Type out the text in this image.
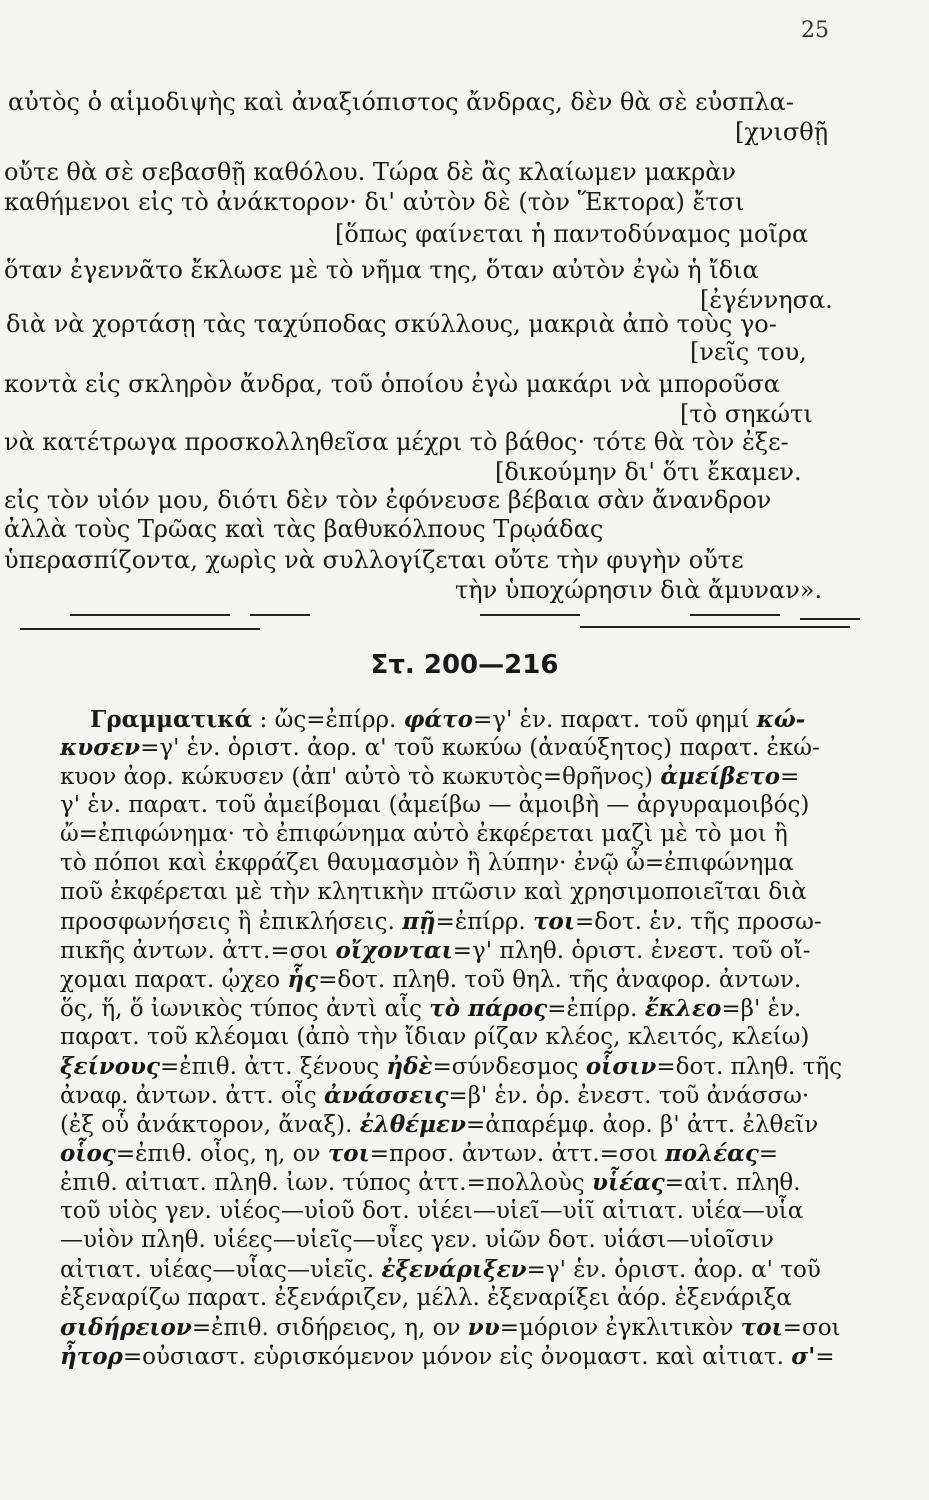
25
αὐτὸς ὁ αἱμοδιψὴς καὶ ἀναξιόπιστος ἄνδρας, δὲν θὰ σὲ εὐσπλα-
[χνισθῇ
οὔτε θὰ σὲ σεβασθῇ καθόλου. Τώρα δὲ ἂς κλαίωμεν μακρὰν
καθήμενοι εἰς τὸ ἀνάκτορον· δι' αὐτὸν δὲ (τὸν Ἕκτορα) ἔτσι
[ὅπως φαίνεται ἡ παντοδύναμος μοῖρα
ὅταν ἐγεννᾶτο ἔκλωσε μὲ τὸ νῆμα της, ὅταν αὐτὸν ἐγὼ ἡ ἴδια
[ἐγέννησα.
διὰ νὰ χορτάσῃ τὰς ταχύποδας σκύλλους, μακριὰ ἀπὸ τοὺς γο-
[νεῖς του,
κοντὰ εἰς σκληρὸν ἄνδρα, τοῦ ὁποίου ἐγὼ μακάρι νὰ μποροῦσα
[τὸ σηκώτι
νὰ κατέτρωγα προσκολληθεῖσα μέχρι τὸ βάθος· τότε θὰ τὸν ἐξε-
[δικούμην δι' ὅτι ἔκαμεν.
εἰς τὸν υἱόν μου, διότι δὲν τὸν ἐφόνευσε βέβαια σὰν ἄνανδρον
ἀλλὰ τοὺς Τρῶας καὶ τὰς βαθυκόλπους Τρῳάδας
ὑπερασπίζοντα, χωρὶς νὰ συλλογίζεται οὔτε τὴν φυγὴν οὔτε
τὴν ὑποχώρησιν διὰ ἄμυναν».
Στ. 200—216
Γραμματικά : ὤς=ἐπίρρ. φάτο=γ' ἑν. παρατ. τοῦ φημί κώ-
κυσεν=γ' ἑν. ὁριστ. ἀορ. α' τοῦ κωκύω (ἀναύξητος) παρατ. ἐκώ-
κυον ἀορ. κώκυσεν (ἀπ' αὐτὸ τὸ κωκυτὸς=θρῆνος) ἀμείβετο=
γ' ἑν. παρατ. τοῦ ἀμείβομαι (ἀμείβω — ἀμοιβὴ — ἀργυραμοιβός)
ὤ=ἐπιφώνημα· τὸ ἐπιφώνημα αὐτὸ ἐκφέρεται μαζὶ μὲ τὸ μοι ἢ
τὸ πόποι καὶ ἐκφράζει θαυμασμὸν ἢ λύπην· ἐνῷ ὦ=ἐπιφώνημα
ποῦ ἐκφέρεται μὲ τὴν κλητικὴν πτῶσιν καὶ χρησιμοποιεῖται διὰ
προσφωνήσεις ἢ ἐπικλήσεις. πῇ=ἐπίρρ. τοι=δοτ. ἑν. τῆς προσω-
πικῆς ἀντων. ἀττ.=σοι οἴχονται=γ' πληθ. ὁριστ. ἐνεστ. τοῦ οἴ-
χομαι παρατ. ᾠχεο ἧς=δοτ. πληθ. τοῦ θηλ. τῆς ἀναφορ. ἀντων.
ὅς, ἥ, ὅ ἰωνικὸς τύπος ἀντὶ αἷς τὸ πάρος=ἐπίρρ. ἔκλεο=β' ἑν.
παρατ. τοῦ κλέομαι (ἀπὸ τὴν ἴδιαν ρίζαν κλέος, κλειτός, κλείω)
ξείνους=ἐπιθ. ἀττ. ξένους ἠδὲ=σύνδεσμος οἷσιν=δοτ. πληθ. τῆς
ἀναφ. ἀντων. ἀττ. οἷς ἀνάσσεις=β' ἑν. ὁρ. ἐνεστ. τοῦ ἀνάσσω·
(ἐξ οὗ ἀνάκτορον, ἄναξ). ἐλθέμεν=ἀπαρέμφ. ἀορ. β' ἀττ. ἐλθεῖν
οἷος=ἐπιθ. οἷος, η, ον τοι=προσ. ἀντων. ἀττ.=σοι πολέας=
ἐπιθ. αἰτιατ. πληθ. ἰων. τύπος ἀττ.=πολλοὺς υἷέας=αἰτ. πληθ.
τοῦ υἱὸς γεν. υἱέος—υἱοῦ δοτ. υἱέει—υἱεῖ—υἱῖ αἰτιατ. υἱέα—υἷα
—υἱὸν πληθ. υἱέες—υἱεῖς—υἷες γεν. υἱῶν δοτ. υἱάσι—υἱοῖσιν
αἰτιατ. υἱέας—υἷας—υἱεῖς. ἐξενάριξεν=γ' ἑν. ὁριστ. ἀορ. α' τοῦ
ἐξεναρίζω παρατ. ἐξενάριζεν, μέλλ. ἐξεναρίξει ἀόρ. ἐξενάριξα
σιδήρειον=ἐπιθ. σιδήρειος, η, ον νυ=μόριον ἐγκλιτικὸν τοι=σοι
ἦτορ=οὐσιαστ. εὑρισκόμενον μόνον εἰς ὀνομαστ. καὶ αἰτιατ. σ'=
